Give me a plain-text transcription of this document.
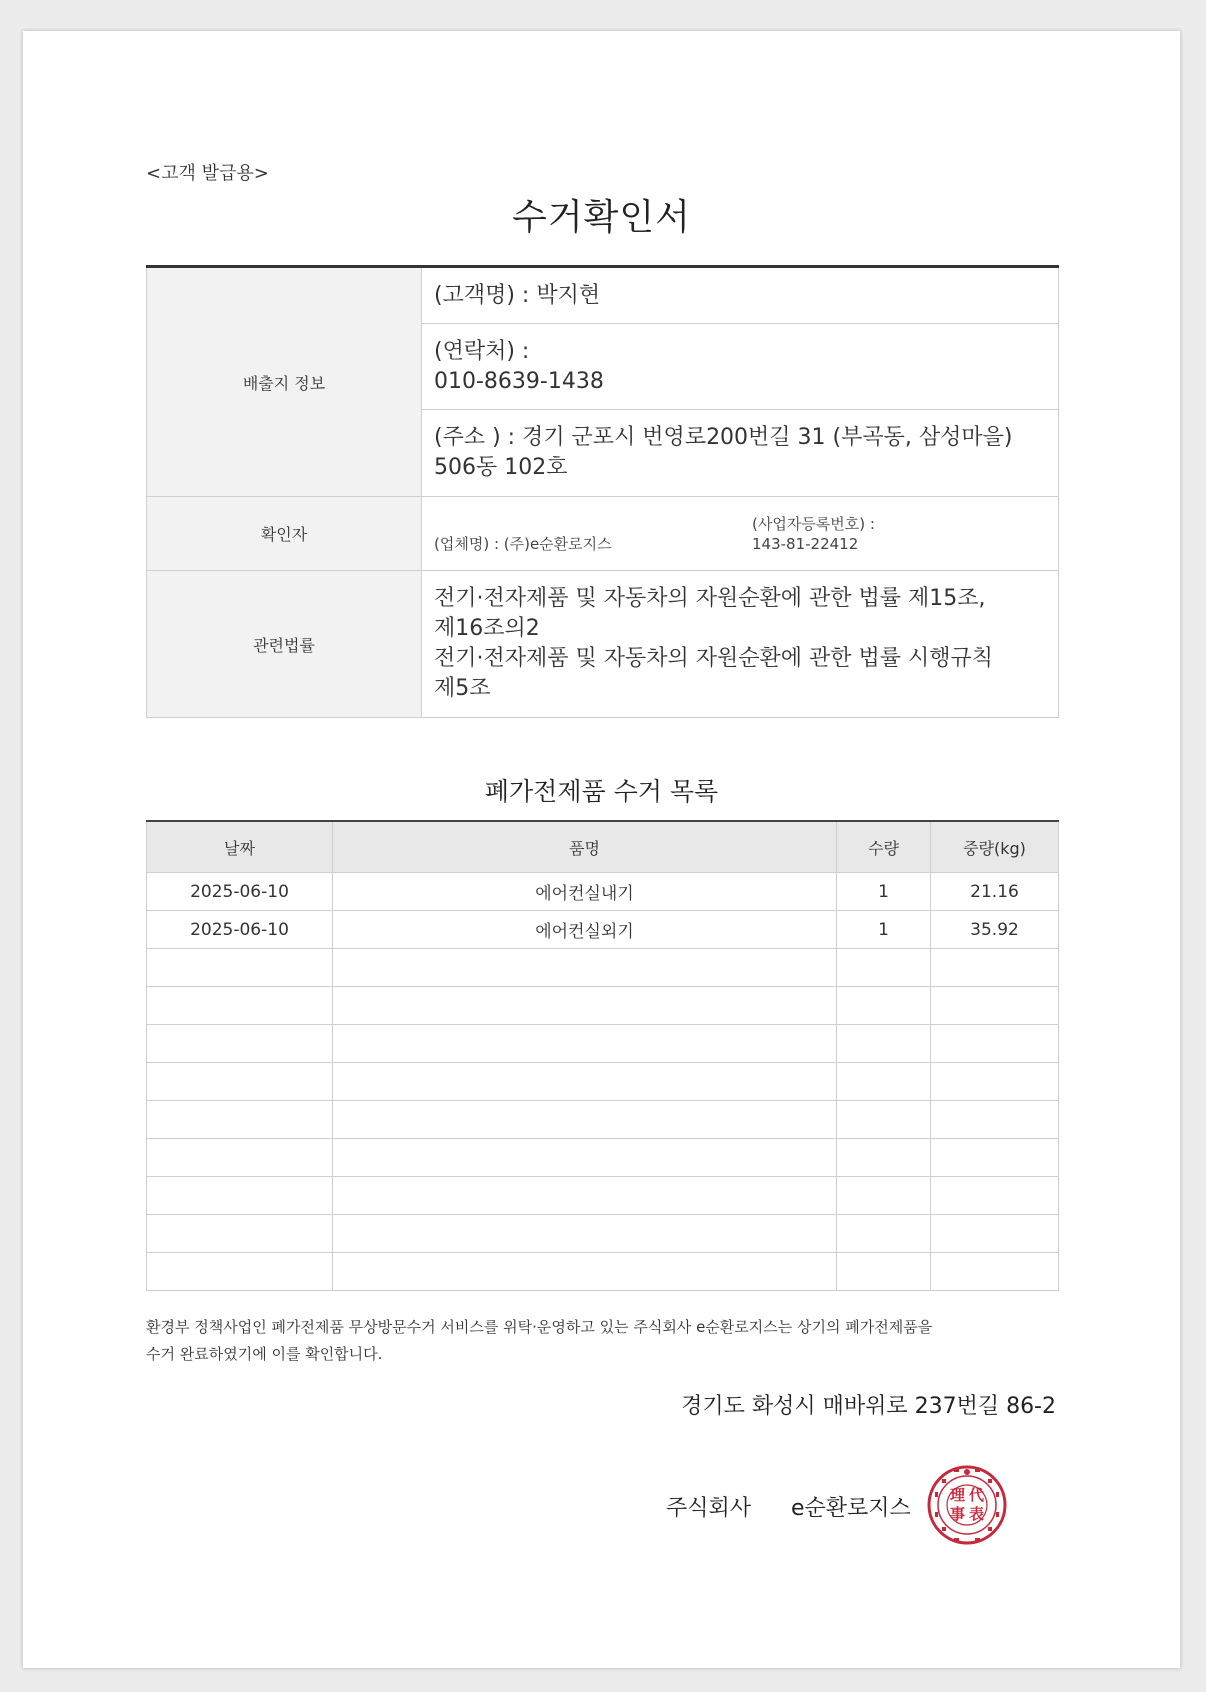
<고객 발급용>
수거확인서
배출지 정보	(고객명) : 박지현

	(연락처) :
010-8639-1438

	(주소 ) : 경기 군포시 번영로200번길 31 (부곡동, 삼성마을)
506동 102호

확인자	(업체명) : (주)e순환로지스
(사업자등록번호) :
143-81-22412

관련법률	전기·전자제품 및 자동차의 자원순환에 관한 법률 제15조,
제16조의2
전기·전자제품 및 자동차의 자원순환에 관한 법률 시행규칙
제5조
폐가전제품 수거 목록
날짜	품명	수량	중량(kg)
2025-06-10	에어컨실내기	1	21.16
2025-06-10	에어컨실외기	1	35.92

환경부 정책사업인 폐가전제품 무상방문수거 서비스를 위탁·운영하고 있는 주식회사 e순환로지스는 상기의 폐가전제품을
수거 완료하였기에 이를 확인합니다.
경기도 화성시 매바위로 237번길 86-2
주식회사 e순환로지스
理 代
事 表
